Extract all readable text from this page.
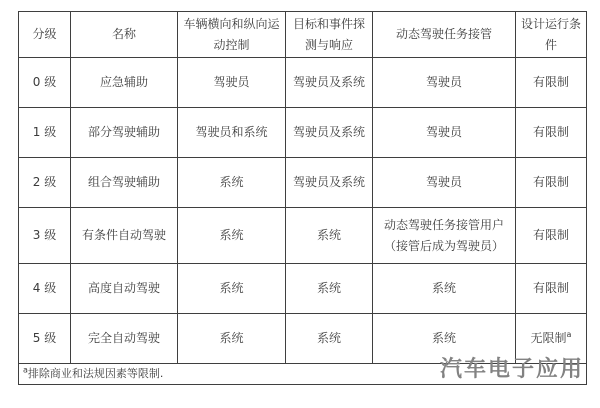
分级	名称	车辆横向和纵向运动控制	目标和事件探测与响应	动态驾驶任务接管	设计运行条件
0 级	应急辅助	驾驶员	驾驶员及系统	驾驶员	有限制
1 级	部分驾驶辅助	驾驶员和系统	驾驶员及系统	驾驶员	有限制
2 级	组合驾驶辅助	系统	驾驶员及系统	驾驶员	有限制
3 级	有条件自动驾驶	系统	系统	动态驾驶任务接管用户（接管后成为驾驶员）	有限制
4 级	高度自动驾驶	系统	系统	系统	有限制
5 级	完全自动驾驶	系统	系统	系统	无限制$^a$
$^a$排除商业和法规因素等限制.						汽车电子应用
